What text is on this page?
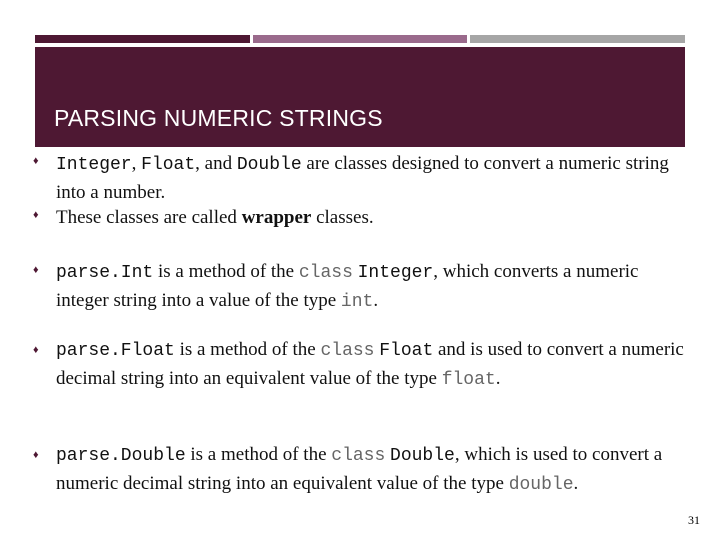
PARSING NUMERIC STRINGS
♦ Integer, Float, and Double are classes designed to convert a numeric string into a number.
♦ These classes are called wrapper classes.
♦ parse.Int is a method of the class Integer, which converts a numeric integer string into a value of the type int.
♦ parse.Float is a method of the class Float and is used to convert a numeric decimal string into an equivalent value of the type float.
♦ parse.Double is a method of the class Double, which is used to convert a numeric decimal string into an equivalent value of the type double.
31
